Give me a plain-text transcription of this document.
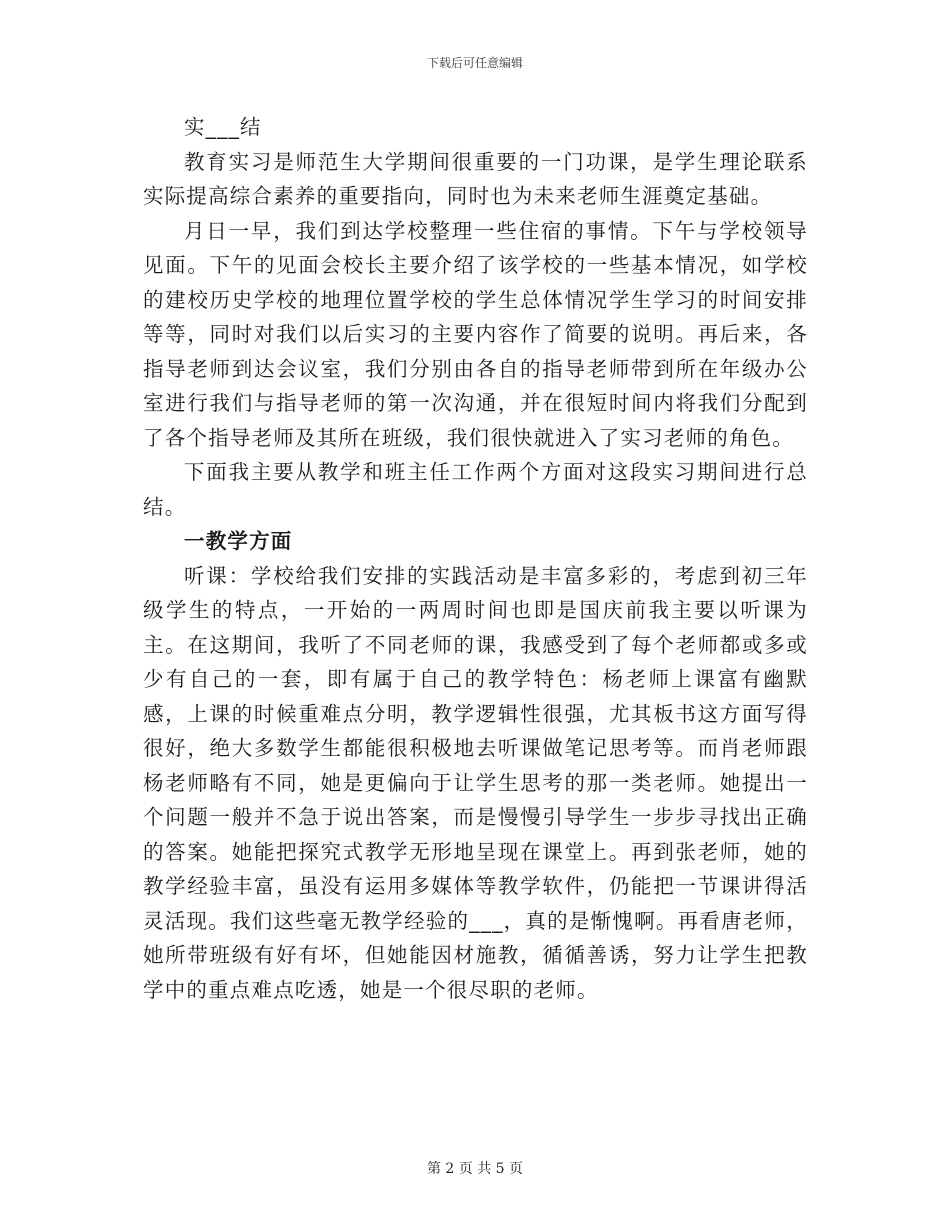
下载后可任意编辑

实___结

教育实习是师范生大学期间很重要的一门功课，是学生理论联系实际提高综合素养的重要指向，同时也为未来老师生涯奠定基础。

月日一早，我们到达学校整理一些住宿的事情。下午与学校领导见面。下午的见面会校长主要介绍了该学校的一些基本情况，如学校的建校历史学校的地理位置学校的学生总体情况学生学习的时间安排等等，同时对我们以后实习的主要内容作了简要的说明。再后来，各指导老师到达会议室，我们分别由各自的指导老师带到所在年级办公室进行我们与指导老师的第一次沟通，并在很短时间内将我们分配到了各个指导老师及其所在班级，我们很快就进入了实习老师的角色。

下面我主要从教学和班主任工作两个方面对这段实习期间进行总结。

一教学方面

听课：学校给我们安排的实践活动是丰富多彩的，考虑到初三年级学生的特点，一开始的一两周时间也即是国庆前我主要以听课为主。在这期间，我听了不同老师的课，我感受到了每个老师都或多或少有自己的一套，即有属于自己的教学特色：杨老师上课富有幽默感，上课的时候重难点分明，教学逻辑性很强，尤其板书这方面写得很好，绝大多数学生都能很积极地去听课做笔记思考等。而肖老师跟杨老师略有不同，她是更偏向于让学生思考的那一类老师。她提出一个问题一般并不急于说出答案，而是慢慢引导学生一步步寻找出正确的答案。她能把探究式教学无形地呈现在课堂上。再到张老师，她的教学经验丰富，虽没有运用多媒体等教学软件，仍能把一节课讲得活灵活现。我们这些毫无教学经验的___，真的是惭愧啊。再看唐老师，她所带班级有好有坏，但她能因材施教，循循善诱，努力让学生把教学中的重点难点吃透，她是一个很尽职的老师。

第 2 页 共 5 页
